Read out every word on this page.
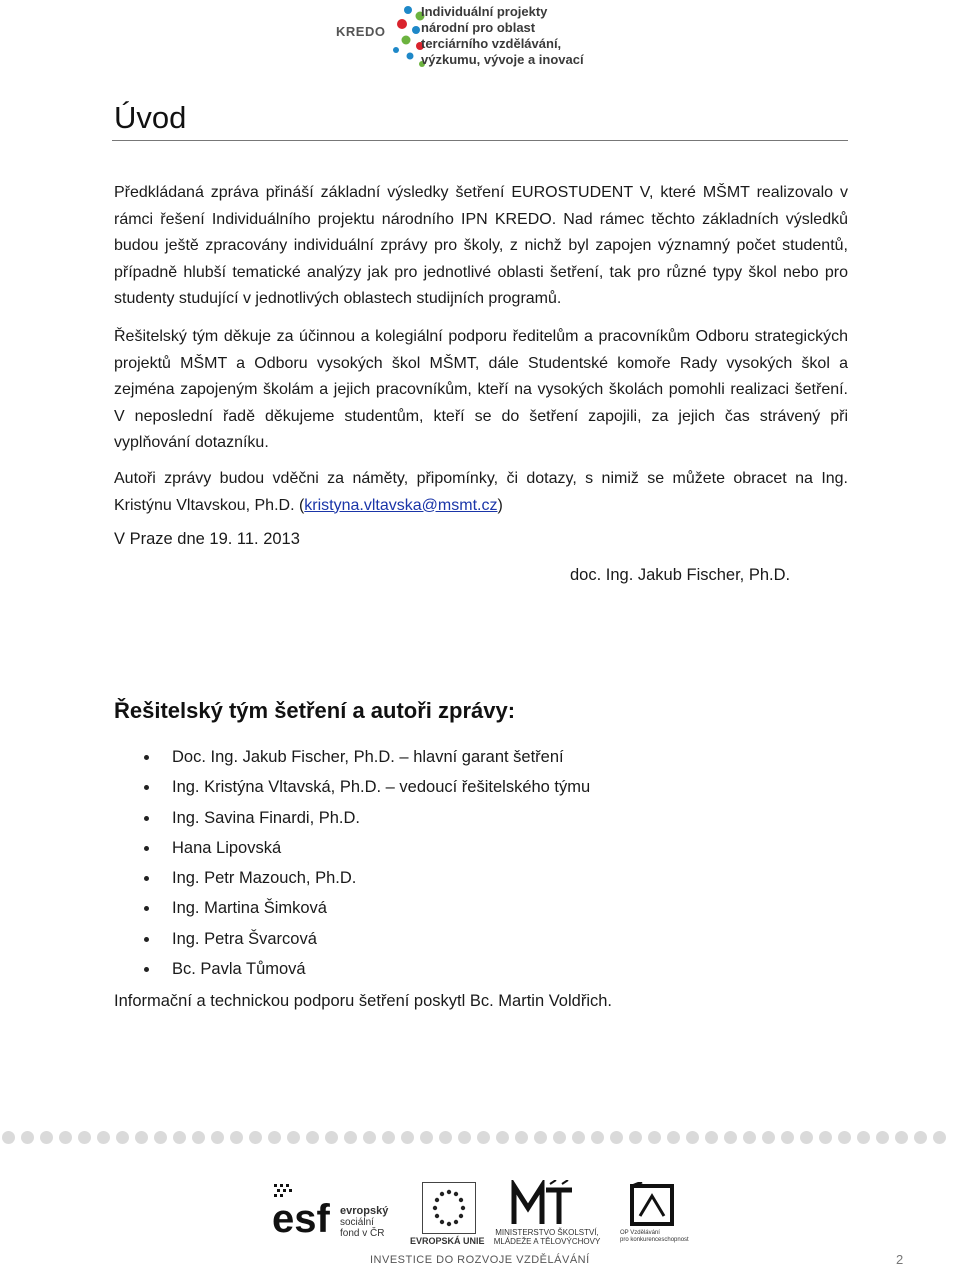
KREDO
Individuální projekty
národní pro oblast
terciárního vzdělávání,
výzkumu, vývoje a inovací
Úvod

Předkládaná zpráva přináší základní výsledky šetření EUROSTUDENT V, které MŠMT realizovalo v rámci řešení Individuálního projektu národního IPN KREDO. Nad rámec těchto základních výsledků budou ještě zpracovány individuální zprávy pro školy, z nichž byl zapojen významný počet studentů, případně hlubší tematické analýzy jak pro jednotlivé oblasti šetření, tak pro různé typy škol nebo pro studenty studující v jednotlivých oblastech studijních programů.

Řešitelský tým děkuje za účinnou a kolegiální podporu ředitelům a pracovníkům Odboru strategických projektů MŠMT a Odboru vysokých škol MŠMT, dále Studentské komoře Rady vysokých škol a zejména zapojeným školám a jejich pracovníkům, kteří na vysokých školách pomohli realizaci šetření. V neposlední řadě děkujeme studentům, kteří se do šetření zapojili, za jejich čas strávený při vyplňování dotazníku.

Autoři zprávy budou vděčni za náměty, připomínky, či dotazy, s nimiž se můžete obracet na Ing. Kristýnu Vltavskou, Ph.D. (kristyna.vltavska@msmt.cz)

V Praze dne 19. 11. 2013
doc. Ing. Jakub Fischer, Ph.D.
Řešitelský tým šetření a autoři zprávy:
Doc. Ing. Jakub Fischer, Ph.D. – hlavní garant šetření
Ing. Kristýna Vltavská, Ph.D. – vedoucí řešitelského týmu
Ing. Savina Finardi, Ph.D.
Hana Lipovská
Ing. Petr Mazouch, Ph.D.
Ing. Martina Šimková
Ing. Petra Švarcová
Bc. Pavla Tůmová
Informační a technickou podporu šetření poskytl Bc. Martin Voldřich.
esf evropský
sociální
fond v ČR
EVROPSKÁ UNIE
MINISTERSTVO ŠKOLSTVÍ,
MLÁDEŽE A TĚLOVÝCHOVY
OP Vzdělávání
pro konkurenceschopnost
INVESTICE DO ROZVOJE VZDĚLÁVÁNÍ	2
